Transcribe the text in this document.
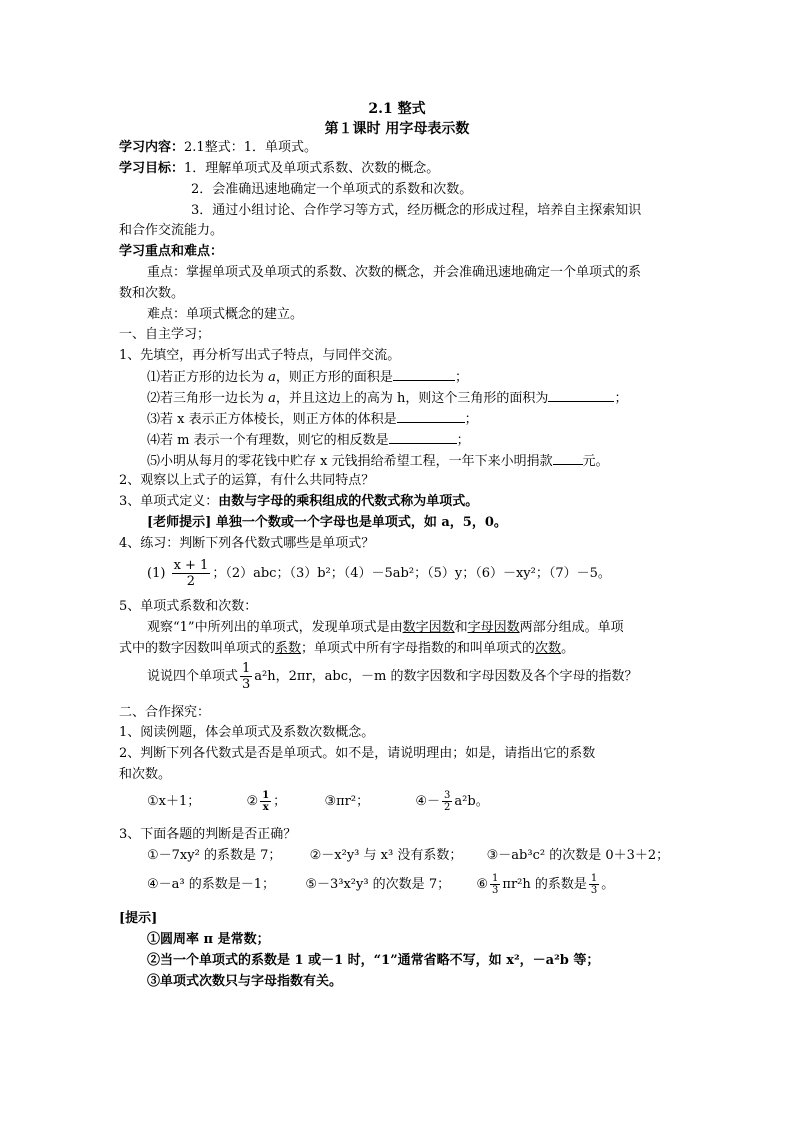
2.1 整式
第１课时 用字母表示数
学习内容：2.1整式：1．单项式。
学习目标：1．理解单项式及单项式系数、次数的概念。
2．会准确迅速地确定一个单项式的系数和次数。
3．通过小组讨论、合作学习等方式，经历概念的形成过程，培养自主探索知识
和合作交流能力。
学习重点和难点：
重点：掌握单项式及单项式的系数、次数的概念，并会准确迅速地确定一个单项式的系
数和次数。
难点：单项式概念的建立。
一、自主学习；
1、先填空，再分析写出式子特点，与同伴交流。
⑴若正方形的边长为 a，则正方形的面积是	；
⑵若三角形一边长为 a，并且这边上的高为 h，则这个三角形的面积为	；
⑶若 x 表示正方体棱长，则正方体的体积是	；
⑷若 m 表示一个有理数，则它的相反数是	；
⑸小明从每月的零花钱中贮存 x 元钱捐给希望工程，一年下来小明捐款 元。
2、观察以上式子的运算，有什么共同特点？
3、单项式定义：由数与字母的乘积组成的代数式称为单项式。
[老师提示] 单独一个数或一个字母也是单项式，如 a，5，0。
4、练习：判断下列各代数式哪些是单项式？
$(1) \frac{x + 1}{2}$ ；（2）abc；（3）b²；（4）－5ab²；（5）y；（6）－xy²；（7）－5。
5、单项式系数和次数：
观察“1”中所列出的单项式，发现单项式是由数字因数和字母因数两部分组成。单项
式中的数字因数叫单项式的系数；单项式中所有字母指数的和叫单项式的次数。
说说四个单项式 $\frac{1}{3} a^2h$，2πr，abc，－m 的数字因数和字母因数及各个字母的指数？
二、合作探究：
1、阅读例题，体会单项式及系数次数概念。
2、判断下列各代数式是否是单项式。如不是，请说明理由；如是，请指出它的系数
和次数。
①x＋1；	② $\frac{1}{x}$ ；	③πr²；	④－ $\frac{3}{2} a^2b$。
3、下面各题的判断是否正确？
①－7xy² 的系数是 7； ②－x²y³ 与 x³ 没有系数； ③－ab³c² 的次数是 0＋3＋2；
④－a³ 的系数是－1； ⑤－3³x²y³ 的次数是 7； ⑥ $\frac{1}{3} \pi r^2h$ 的系数是 $\frac{1}{3}$ 。
[提示]
①圆周率 π 是常数；
②当一个单项式的系数是 1 或－1 时，“1”通常省略不写，如 x²，－a²b 等；
③单项式次数只与字母指数有关。
